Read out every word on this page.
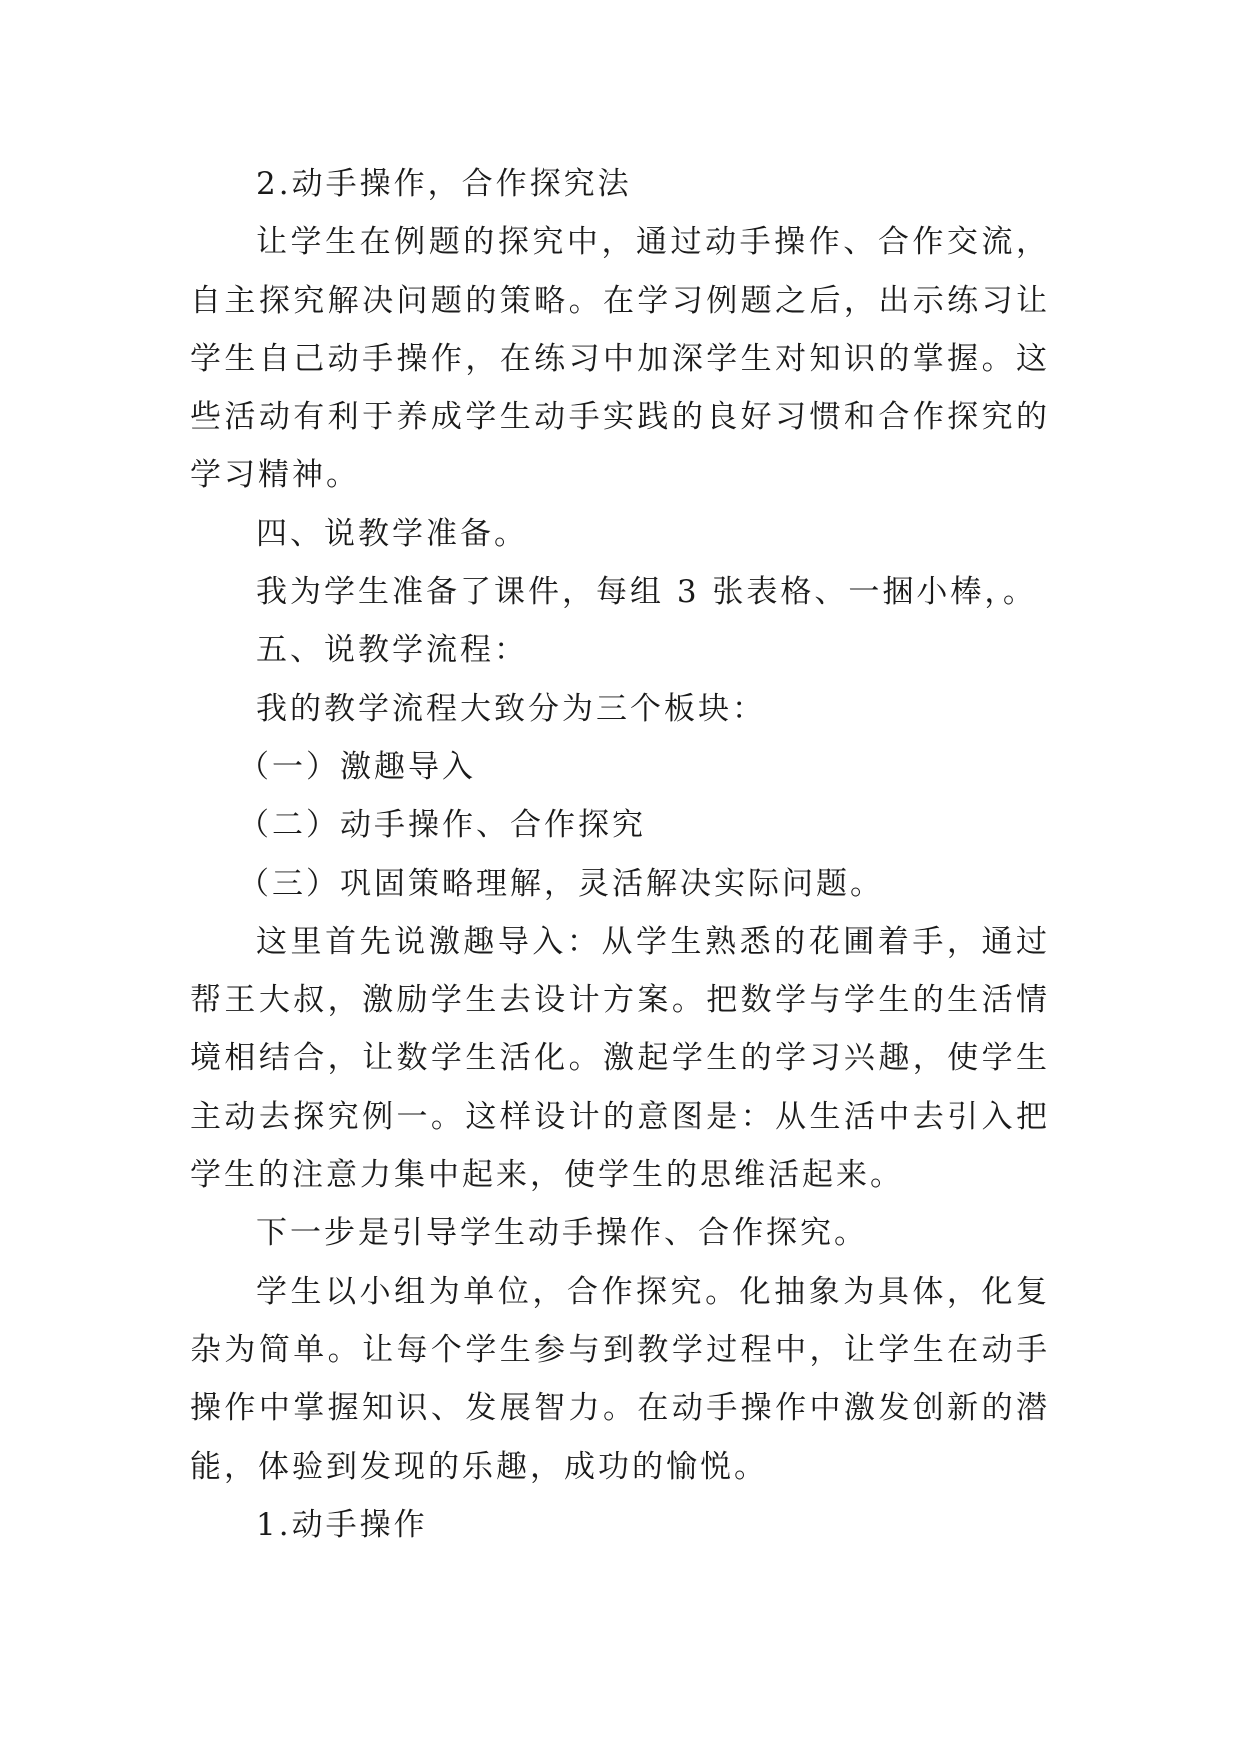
2.动手操作，合作探究法

让学生在例题的探究中，通过动手操作、合作交流，自主探究解决问题的策略。在学习例题之后，出示练习让学生自己动手操作，在练习中加深学生对知识的掌握。这些活动有利于养成学生动手实践的良好习惯和合作探究的学习精神。

四、说教学准备。

我为学生准备了课件，每组 3 张表格、一捆小棒，。

五、说教学流程：

我的教学流程大致分为三个板块：

（一）激趣导入

（二）动手操作、合作探究

（三）巩固策略理解，灵活解决实际问题。

这里首先说激趣导入：从学生熟悉的花圃着手，通过帮王大叔，激励学生去设计方案。把数学与学生的生活情境相结合，让数学生活化。激起学生的学习兴趣，使学生主动去探究例一。这样设计的意图是：从生活中去引入把学生的注意力集中起来，使学生的思维活起来。

下一步是引导学生动手操作、合作探究。

学生以小组为单位，合作探究。化抽象为具体，化复杂为简单。让每个学生参与到教学过程中，让学生在动手操作中掌握知识、发展智力。在动手操作中激发创新的潜能，体验到发现的乐趣，成功的愉悦。

1.动手操作
